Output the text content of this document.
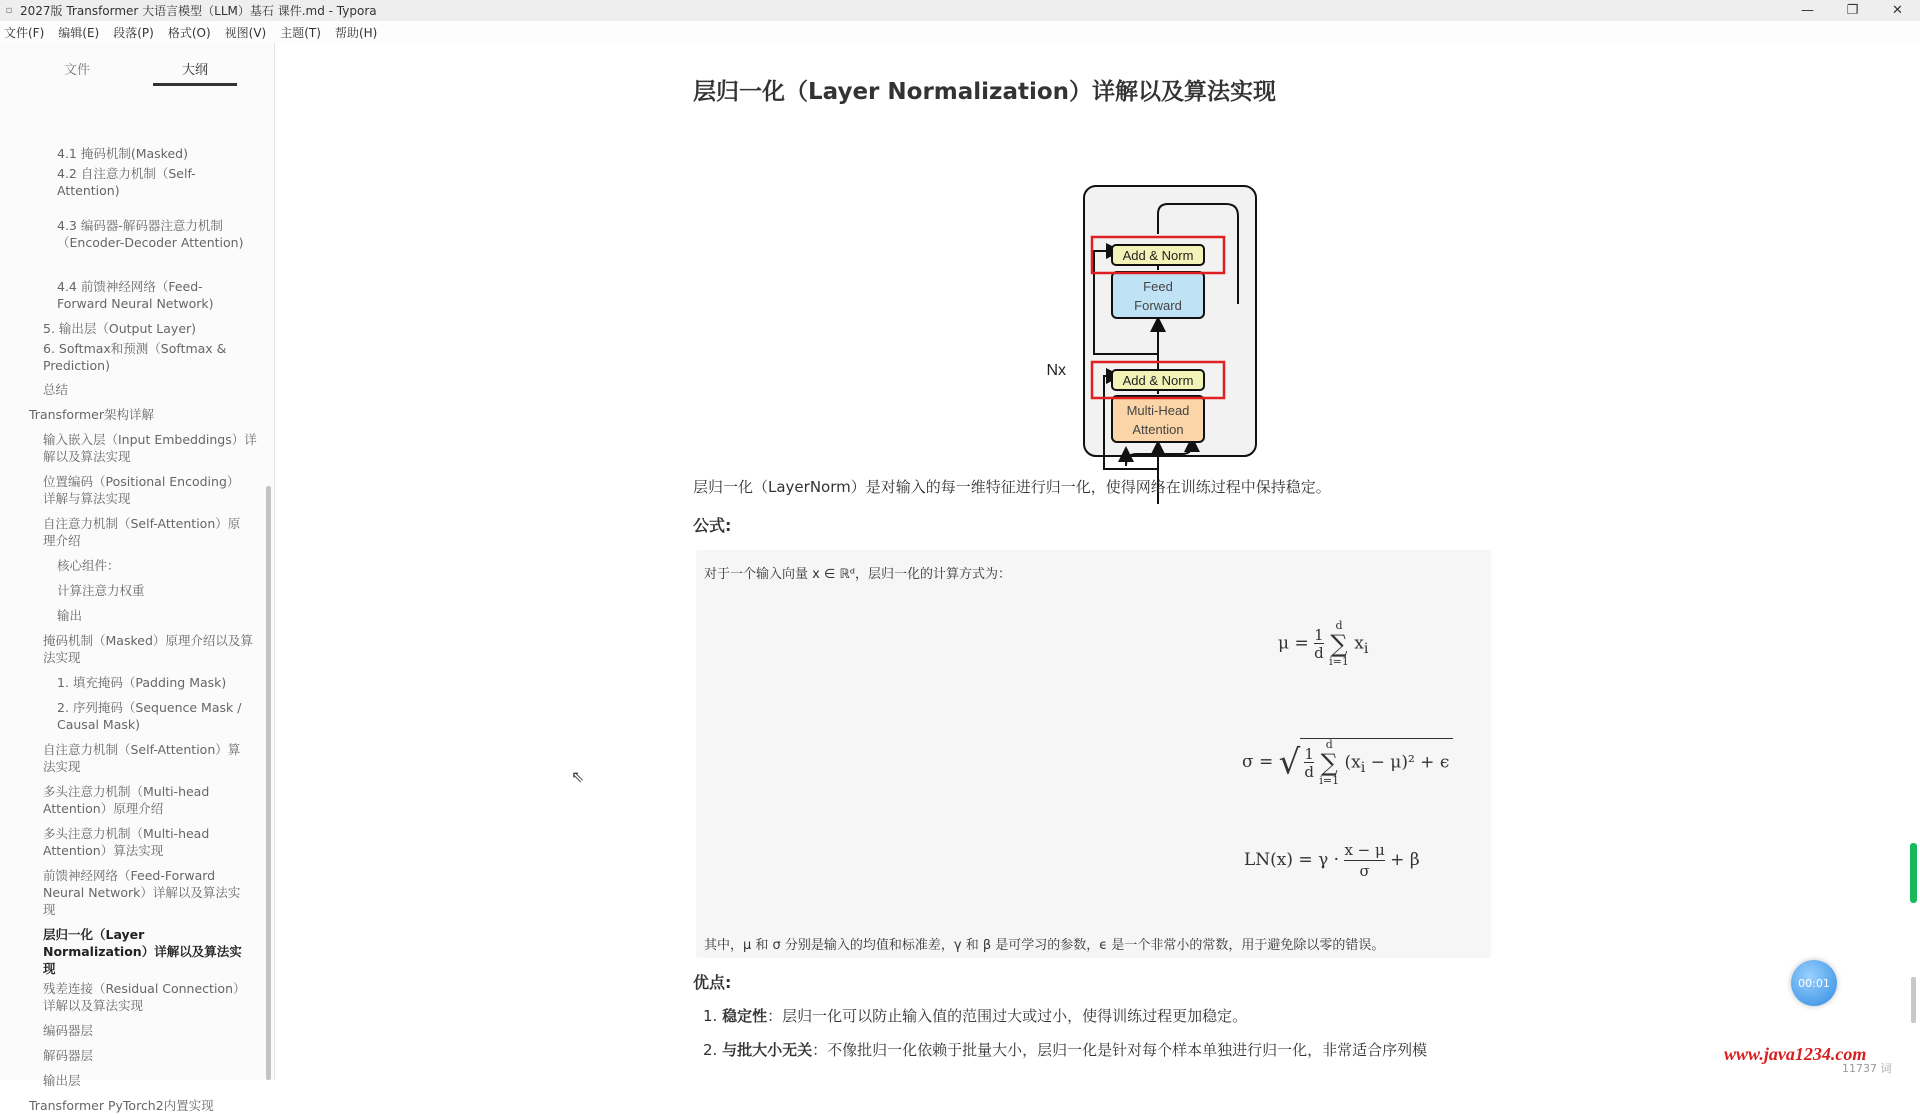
▫ 2027版 Transformer 大语言模型（LLM）基石 课件.md - Typora	—	❐	✕
文件(F) 编辑(E) 段落(P) 格式(O) 视图(V) 主题(T) 帮助(H)
文件	大纲
4.1 掩码机制(Masked)
4.2 自注意力机制（Self-Attention)
4.3 编码器-解码器注意力机制（Encoder-Decoder Attention)
4.4 前馈神经网络（Feed-Forward Neural Network)
5. 输出层（Output Layer)
6. Softmax和预测（Softmax & Prediction)
总结
Transformer架构详解
输入嵌入层（Input Embeddings）详解以及算法实现
位置编码（Positional Encoding）详解与算法实现
自注意力机制（Self-Attention）原理介绍
核心组件：
计算注意力权重
输出
掩码机制（Masked）原理介绍以及算法实现
1. 填充掩码（Padding Mask)
2. 序列掩码（Sequence Mask / Causal Mask)
自注意力机制（Self-Attention）算法实现
多头注意力机制（Multi-head Attention）原理介绍
多头注意力机制（Multi-head Attention）算法实现
前馈神经网络（Feed-Forward Neural Network）详解以及算法实现
层归一化（Layer Normalization）详解以及算法实现
残差连接（Residual Connection）详解以及算法实现
编码器层
解码器层
输出层
Transformer PyTorch2内置实现
层归一化（Layer Normalization）详解以及算法实现
Multi-Head
Attention
Add & Norm
Feed
Forward
Add & Norm
Nx
层归一化（LayerNorm）是对输入的每一维特征进行归一化，使得网络在训练过程中保持稳定。
公式:
对于一个输入向量 x ∈ ℝᵈ，层归一化的计算方式为：
μ = 1
d d
∑
i=1 $x_i$
σ = √ 1
d d
∑
i=1 $(x_i - \mu)^2 + \epsilon$
LN(x) = γ · x − μ
σ + β
其中，μ 和 σ 分别是输入的均值和标准差，γ 和 β 是可学习的参数，ϵ 是一个非常小的常数，用于避免除以零的错误。
优点:
1. 稳定性：层归一化可以防止输入值的范围过大或过小，使得训练过程更加稳定。
2. 与批大小无关：不像批归一化依赖于批量大小，层归一化是针对每个样本单独进行归一化，非常适合序列模
⇖
00:01
11737 词
www.java1234.com
